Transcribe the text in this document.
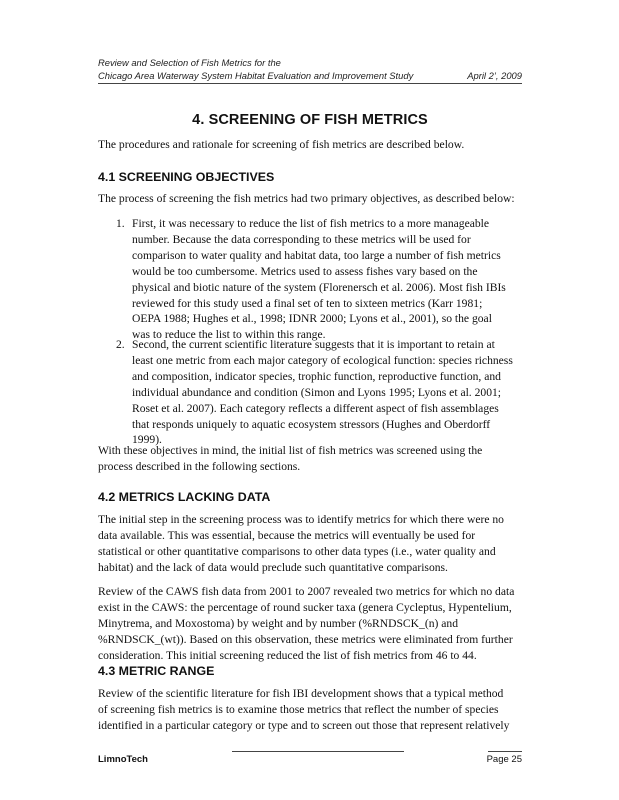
Review and Selection of Fish Metrics for the
Chicago Area Waterway System Habitat Evaluation and Improvement Study	April 2’, 2009
4. SCREENING OF FISH METRICS
The procedures and rationale for screening of fish metrics are described below.
4.1 SCREENING OBJECTIVES
The process of screening the fish metrics had two primary objectives, as described below:
1. First, it was necessary to reduce the list of fish metrics to a more manageable
number. Because the data corresponding to these metrics will be used for
comparison to water quality and habitat data, too large a number of fish metrics
would be too cumbersome. Metrics used to assess fishes vary based on the
physical and biotic nature of the system (Florenersch et al. 2006). Most fish IBIs
reviewed for this study used a final set of ten to sixteen metrics (Karr 1981;
OEPA 1988; Hughes et al., 1998; IDNR 2000; Lyons et al., 2001), so the goal
was to reduce the list to within this range.
2. Second, the current scientific literature suggests that it is important to retain at
least one metric from each major category of ecological function: species richness
and composition, indicator species, trophic function, reproductive function, and
individual abundance and condition (Simon and Lyons 1995; Lyons et al. 2001;
Roset et al. 2007). Each category reflects a different aspect of fish assemblages
that responds uniquely to aquatic ecosystem stressors (Hughes and Oberdorff
1999).
With these objectives in mind, the initial list of fish metrics was screened using the
process described in the following sections.
4.2 METRICS LACKING DATA
The initial step in the screening process was to identify metrics for which there were no
data available. This was essential, because the metrics will eventually be used for
statistical or other quantitative comparisons to other data types (i.e., water quality and
habitat) and the lack of data would preclude such quantitative comparisons.
Review of the CAWS fish data from 2001 to 2007 revealed two metrics for which no data
exist in the CAWS: the percentage of round sucker taxa (genera Cycleptus, Hypentelium,
Minytrema, and Moxostoma) by weight and by number (%RNDSCK_(n) and
%RNDSCK_(wt)). Based on this observation, these metrics were eliminated from further
consideration. This initial screening reduced the list of fish metrics from 46 to 44.
4.3 METRIC RANGE
Review of the scientific literature for fish IBI development shows that a typical method
of screening fish metrics is to examine those metrics that reflect the number of species
identified in a particular category or type and to screen out those that represent relatively
LimnoTech	Page 25
